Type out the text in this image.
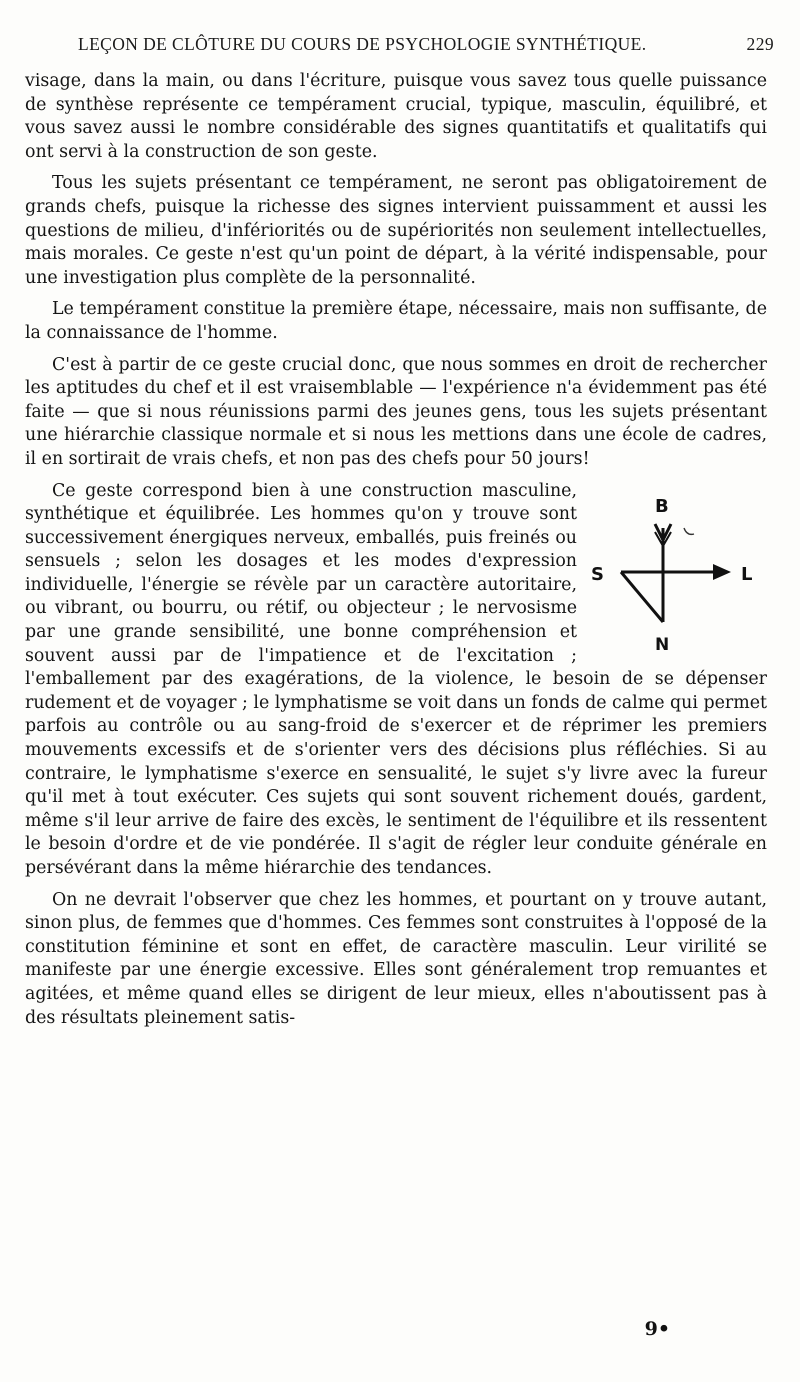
LEÇON DE CLÔTURE DU COURS DE PSYCHOLOGIE SYNTHÉTIQUE.	229

visage, dans la main, ou dans l'écriture, puisque vous savez tous quelle puissance de synthèse représente ce tempérament crucial, typique, masculin, équilibré, et vous savez aussi le nombre considérable des signes quantitatifs et qualitatifs qui ont servi à la construction de son geste.

Tous les sujets présentant ce tempérament, ne seront pas obligatoirement de grands chefs, puisque la richesse des signes intervient puissamment et aussi les questions de milieu, d'infériorités ou de supériorités non seulement intellectuelles, mais morales. Ce geste n'est qu'un point de départ, à la vérité indispensable, pour une investigation plus complète de la personnalité.

Le tempérament constitue la première étape, nécessaire, mais non suffisante, de la connaissance de l'homme.

C'est à partir de ce geste crucial donc, que nous sommes en droit de rechercher les aptitudes du chef et il est vraisemblable — l'expérience n'a évidemment pas été faite — que si nous réunissions parmi des jeunes gens, tous les sujets présentant une hiérarchie classique normale et si nous les mettions dans une école de cadres, il en sortirait de vrais chefs, et non pas des chefs pour 50 jours!

B
S	L
N

Ce geste correspond bien à une construction masculine, synthétique et équilibrée. Les hommes qu'on y trouve sont successivement énergiques nerveux, emballés, puis freinés ou sensuels ; selon les dosages et les modes d'expression individuelle, l'énergie se révèle par un caractère autoritaire, ou vibrant, ou bourru, ou rétif, ou objecteur ; le nervosisme par une grande sensibilité, une bonne compréhension et souvent aussi par de l'impatience et de l'excitation ; l'emballement par des exagérations, de la violence, le besoin de se dépenser rudement et de voyager ; le lymphatisme se voit dans un fonds de calme qui permet parfois au contrôle ou au sang-froid de s'exercer et de réprimer les premiers mouvements excessifs et de s'orienter vers des décisions plus réfléchies. Si au contraire, le lymphatisme s'exerce en sensualité, le sujet s'y livre avec la fureur qu'il met à tout exécuter. Ces sujets qui sont souvent richement doués, gardent, même s'il leur arrive de faire des excès, le sentiment de l'équilibre et ils ressentent le besoin d'ordre et de vie pondérée. Il s'agit de régler leur conduite générale en persévérant dans la même hiérarchie des tendances.

On ne devrait l'observer que chez les hommes, et pourtant on y trouve autant, sinon plus, de femmes que d'hommes. Ces femmes sont construites à l'opposé de la constitution féminine et sont en effet, de caractère masculin. Leur virilité se manifeste par une énergie excessive. Elles sont généralement trop remuantes et agitées, et même quand elles se dirigent de leur mieux, elles n'aboutissent pas à des résultats pleinement satis-

9•
